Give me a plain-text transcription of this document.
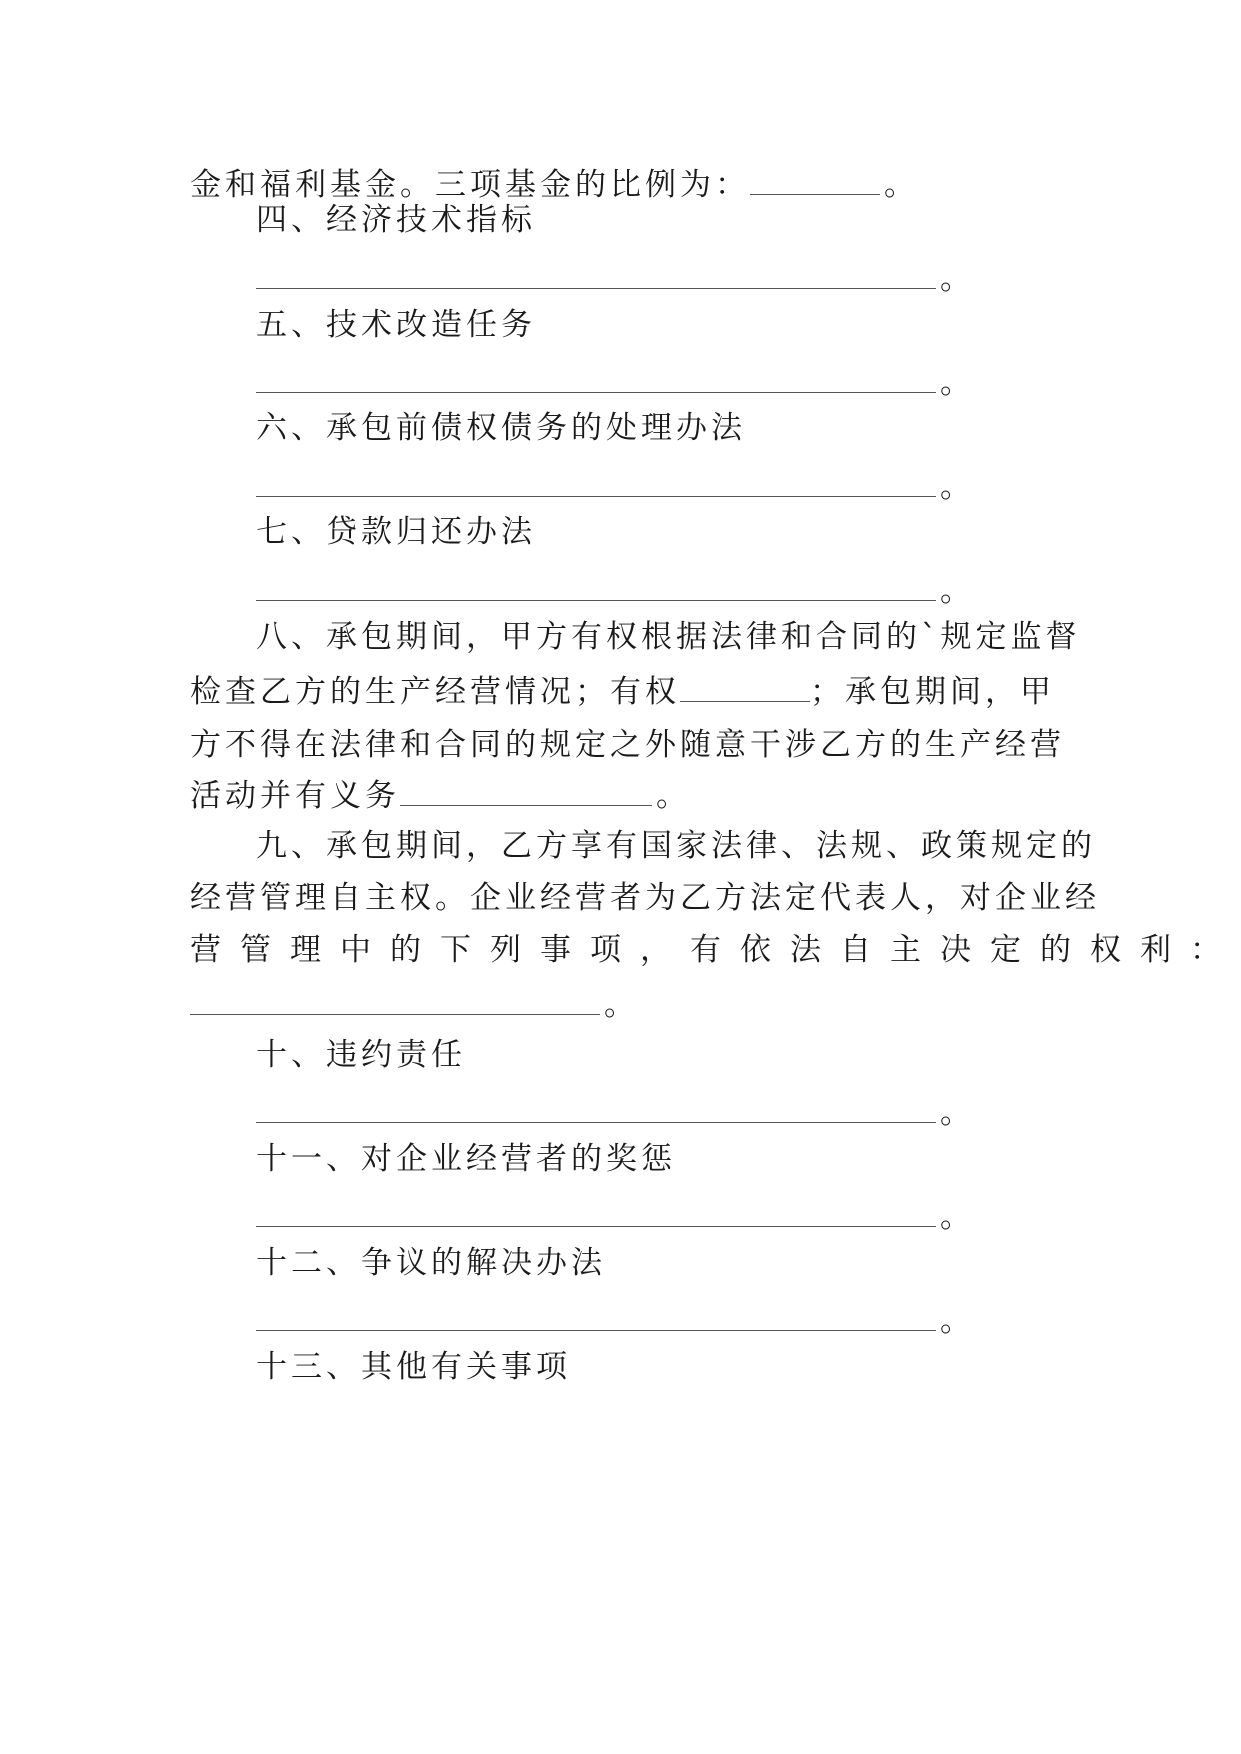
金和福利基金。三项基金的比例为：	。
四、经济技术指标
。
五、技术改造任务
。
六、承包前债权债务的处理办法
。
七、贷款归还办法
。
八、承包期间，甲方有权根据法律和合同的`规定监督
检查乙方的生产经营情况；有权	；承包期间，甲
方不得在法律和合同的规定之外随意干涉乙方的生产经营
活动并有义务	。
九、承包期间，乙方享有国家法律、法规、政策规定的
经营管理自主权。企业经营者为乙方法定代表人，对企业经
营管理中的下列事项，有依法自主决定的权利：
。
十、违约责任
。
十一、对企业经营者的奖惩
。
十二、争议的解决办法
。
十三、其他有关事项
